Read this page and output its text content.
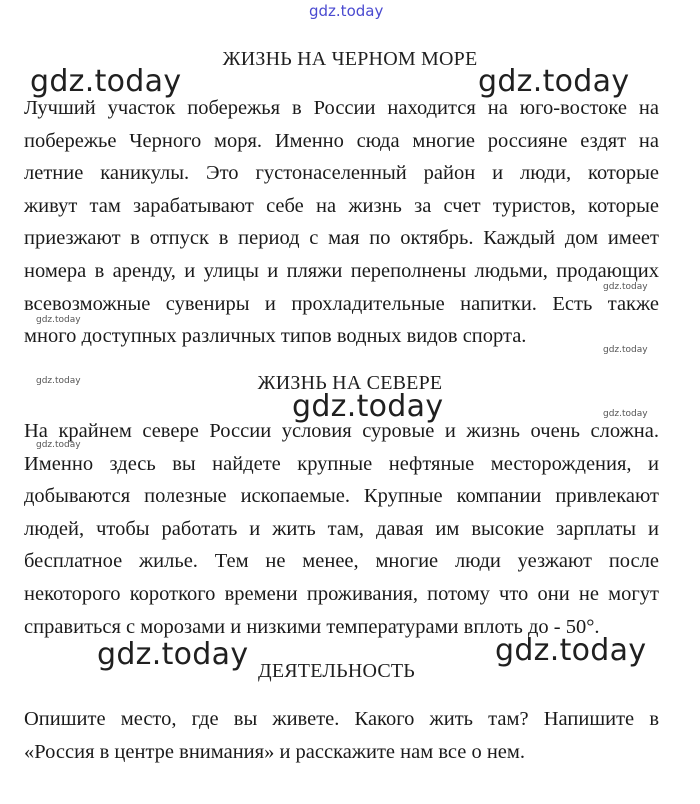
gdz.today
ЖИЗНЬ НА ЧЕРНОМ МОРЕ
Лучший участок побережья в России находится на юго-востоке на
побережье Черного моря. Именно сюда многие россияне ездят на
летние каникулы. Это густонаселенный район и люди, которые
живут там зарабатывают себе на жизнь за счет туристов, которые
приезжают в отпуск в период с мая по октябрь. Каждый дом имеет
номера в аренду, и улицы и пляжи переполнены людьми, продающих
всевозможные сувениры и прохладительные напитки. Есть также
много доступных различных типов водных видов спорта.
ЖИЗНЬ НА СЕВЕРЕ
На крайнем севере России условия суровые и жизнь очень сложна.
Именно здесь вы найдете крупные нефтяные месторождения, и
добываются полезные ископаемые. Крупные компании привлекают
людей, чтобы работать и жить там, давая им высокие зарплаты и
бесплатное жилье. Тем не менее, многие люди уезжают после
некоторого короткого времени проживания, потому что они не могут
справиться с морозами и низкими температурами вплоть до - 50°.
ДЕЯТЕЛЬНОСТЬ
Опишите место, где вы живете. Какого жить там? Напишите в
«Россия в центре внимания» и расскажите нам все о нем.
gdz.today	gdz.today
gdz.today
gdz.today	gdz.today
gdz.today
gdz.today
gdz.today
gdz.today
gdz.today
gdz.today
